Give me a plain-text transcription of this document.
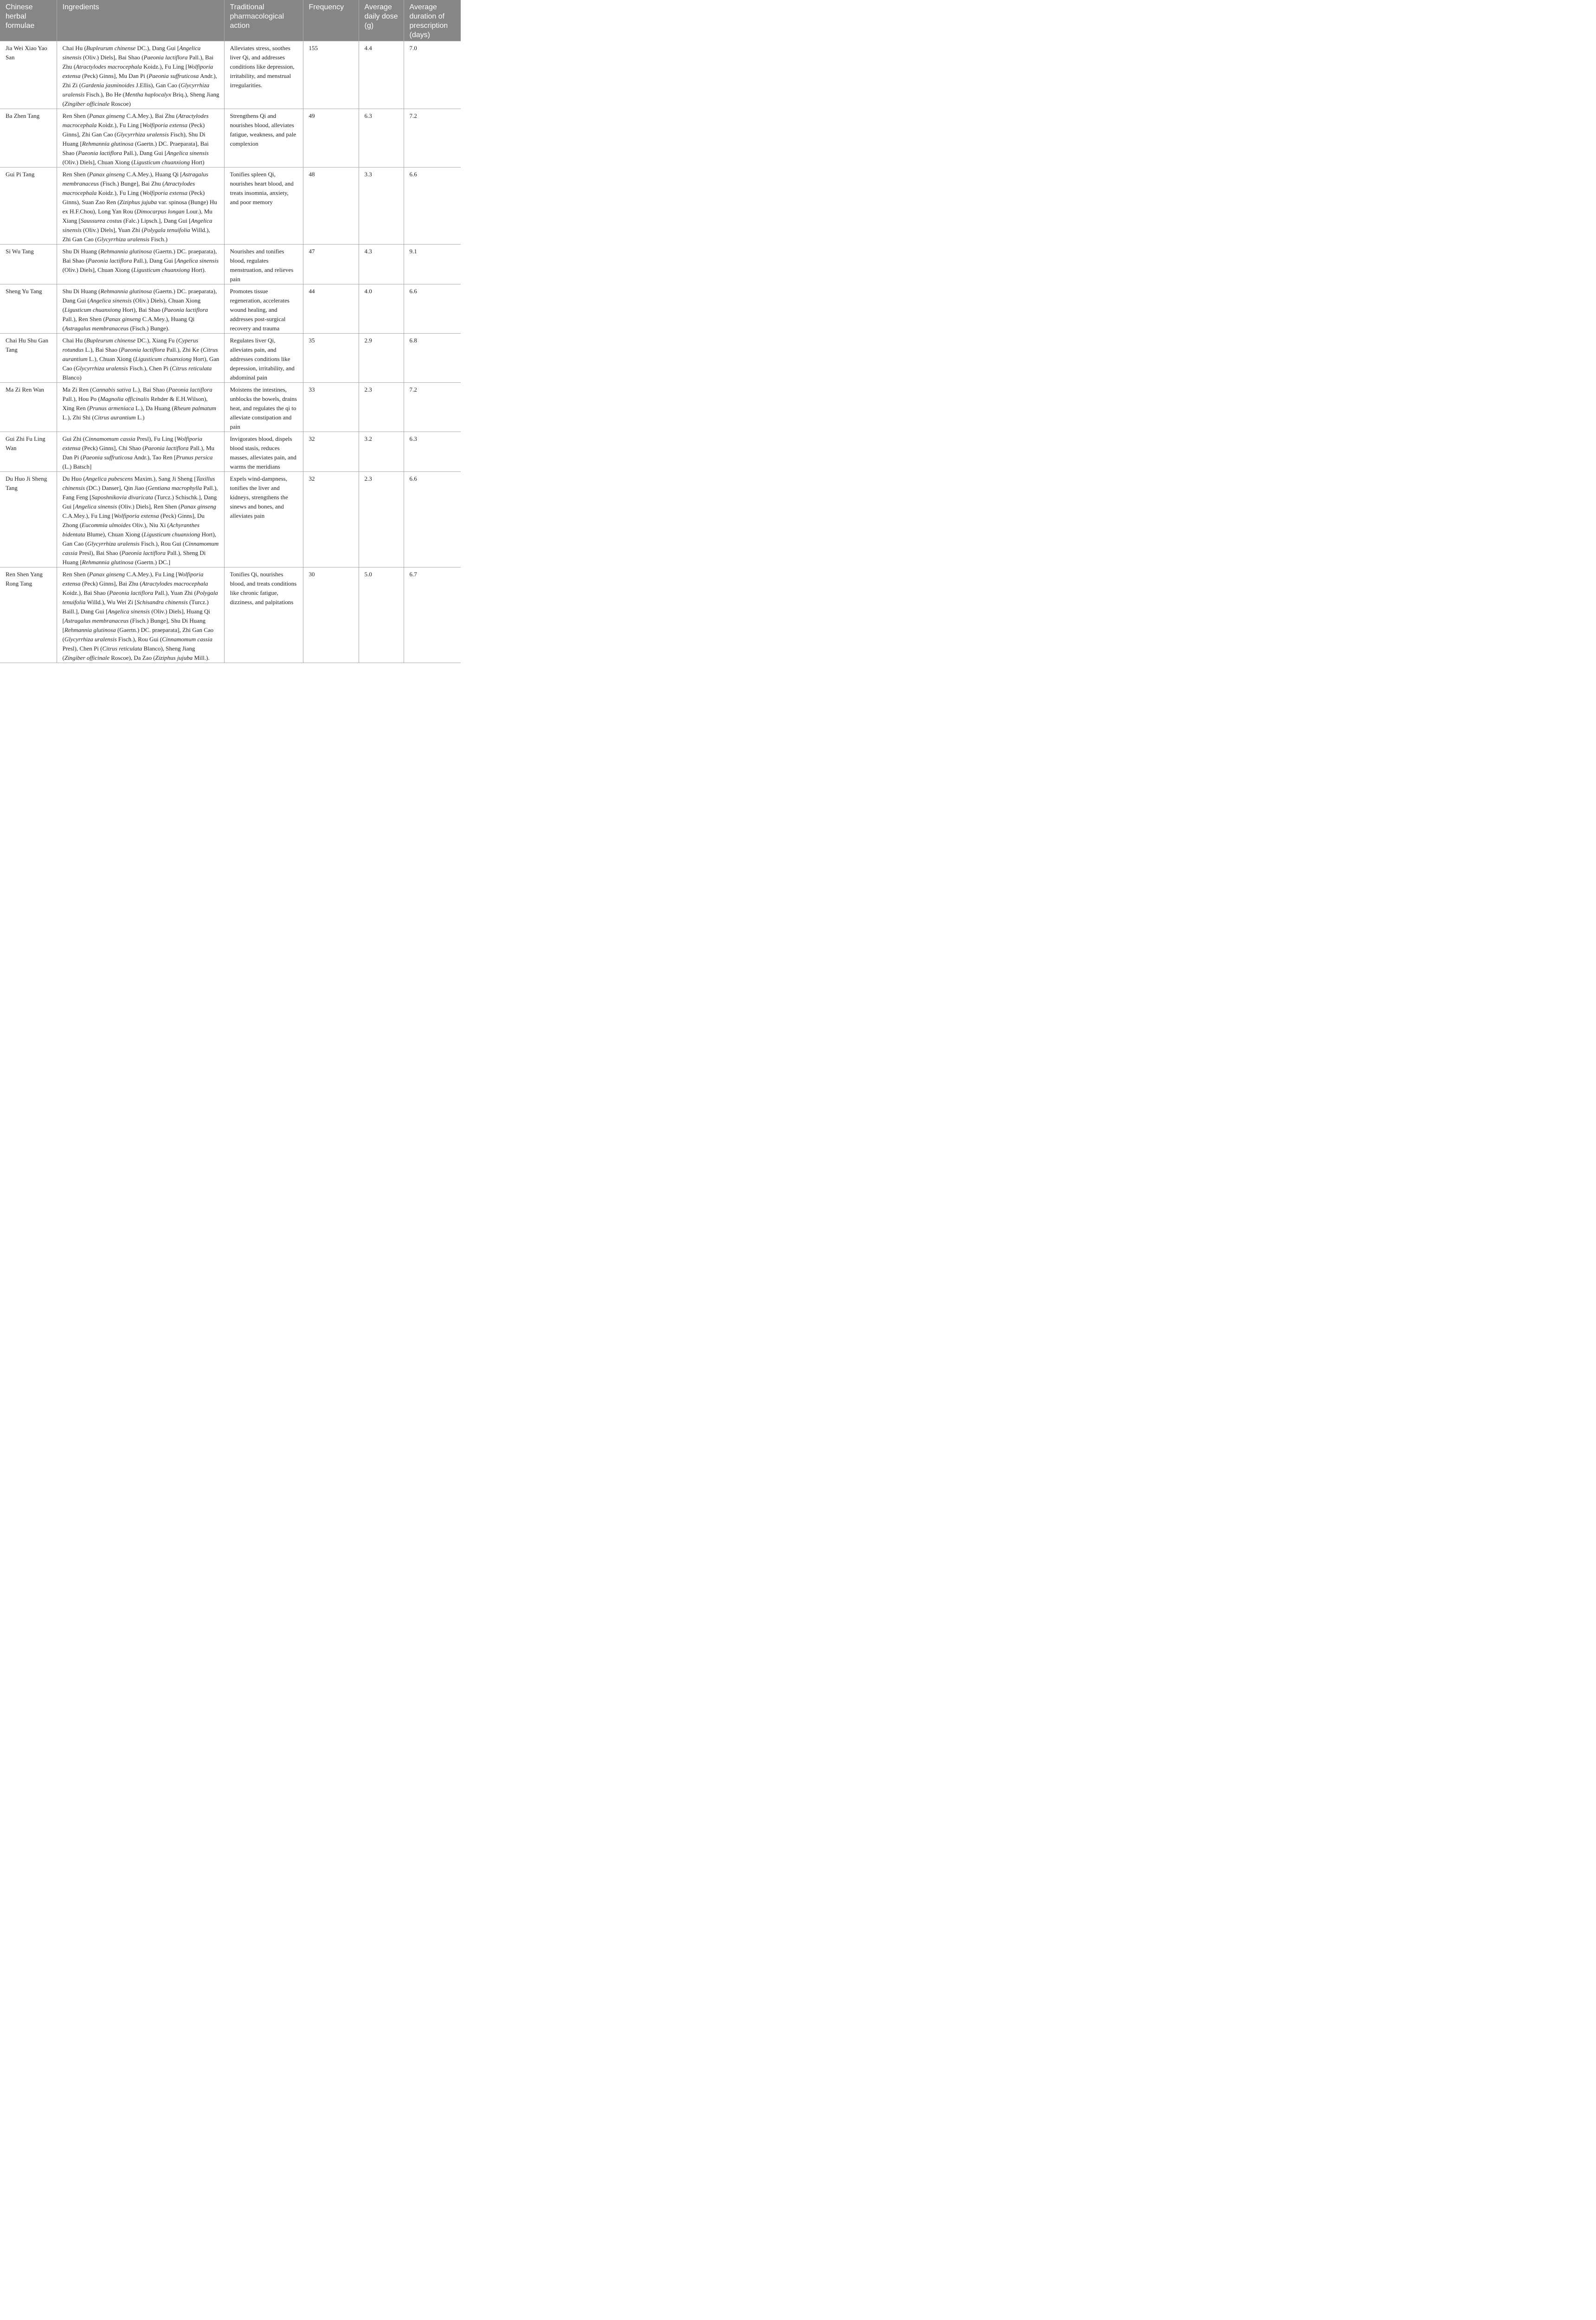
Chinese herbal formulae	Ingredients	Traditional pharmacological action	Frequency	Average daily dose (g)	Average duration of prescription (days)
Jia Wei Xiao Yao San	Chai Hu (Bupleurum chinense DC.), Dang Gui [Angelica sinensis (Oliv.) Diels], Bai Shao (Paeonia lactiflora Pall.), Bai Zhu (Atractylodes macrocephala Koidz.), Fu Ling [Wolfiporia extensa (Peck) Ginns], Mu Dan Pi (Paeonia suffruticosa Andr.), Zhi Zi (Gardenia jasminoides J.Ellis), Gan Cao (Glycyrrhiza uralensis Fisch.), Bo He (Mentha haplocalyx Briq.), Sheng Jiang (Zingiber officinale Roscoe)	Alleviates stress, soothes liver Qi, and addresses conditions like depression, irritability, and menstrual irregularities.	155	4.4	7.0
Ba Zhen Tang	Ren Shen (Panax ginseng C.A.Mey.), Bai Zhu (Atractylodes macrocephala Koidz.), Fu Ling [Wolfiporia extensa (Peck) Ginns], Zhi Gan Cao (Glycyrrhiza uralensis Fisch), Shu Di Huang [Rehmannia glutinosa (Gaertn.) DC. Praeparata], Bai Shao (Paeonia lactiflora Pall.), Dang Gui [Angelica sinensis (Oliv.) Diels], Chuan Xiong (Ligusticum chuanxiong Hort)	Strengthens Qi and nourishes blood, alleviates fatigue, weakness, and pale complexion	49	6.3	7.2
Gui Pi Tang	Ren Shen (Panax ginseng C.A.Mey.), Huang Qi [Astragalus membranaceus (Fisch.) Bunge], Bai Zhu (Atractylodes macrocephala Koidz.), Fu Ling (Wolfiporia extensa (Peck) Ginns), Suan Zao Ren (Ziziphus jujuba var. spinosa (Bunge) Hu ex H.F.Chou), Long Yan Rou (Dimocarpus longan Lour.), Mu Xiang [Saussurea costus (Falc.) Lipsch.], Dang Gui [Angelica sinensis (Oliv.) Diels], Yuan Zhi (Polygala tenuifolia Willd.), Zhi Gan Cao (Glycyrrhiza uralensis Fisch.)	Tonifies spleen Qi, nourishes heart blood, and treats insomnia, anxiety, and poor memory	48	3.3	6.6
Si Wu Tang	Shu Di Huang (Rehmannia glutinosa (Gaertn.) DC. praeparata), Bai Shao (Paeonia lactiflora Pall.), Dang Gui [Angelica sinensis (Oliv.) Diels], Chuan Xiong (Ligusticum chuanxiong Hort).	Nourishes and tonifies blood, regulates menstruation, and relieves pain	47	4.3	9.1
Sheng Yu Tang	Shu Di Huang (Rehmannia glutinosa (Gaertn.) DC. praeparata), Dang Gui (Angelica sinensis (Oliv.) Diels), Chuan Xiong (Ligusticum chuanxiong Hort), Bai Shao (Paeonia lactiflora Pall.), Ren Shen (Panax ginseng C.A.Mey.), Huang Qi (Astragalus membranaceus (Fisch.) Bunge).	Promotes tissue regeneration, accelerates wound healing, and addresses post-surgical recovery and trauma	44	4.0	6.6
Chai Hu Shu Gan Tang	Chai Hu (Bupleurum chinense DC.), Xiang Fu (Cyperus rotundus L.), Bai Shao (Paeonia lactiflora Pall.), Zhi Ke (Citrus aurantium L.), Chuan Xiong (Ligusticum chuanxiong Hort), Gan Cao (Glycyrrhiza uralensis Fisch.), Chen Pi (Citrus reticulata Blanco)	Regulates liver Qi, alleviates pain, and addresses conditions like depression, irritability, and abdominal pain	35	2.9	6.8
Ma Zi Ren Wan	Ma Zi Ren (Cannabis sativa L.), Bai Shao (Paeonia lactiflora Pall.), Hou Po (Magnolia officinalis Rehder & E.H.Wilson), Xing Ren (Prunus armeniaca L.), Da Huang (Rheum palmatum L.), Zhi Shi (Citrus aurantium L.)	Moistens the intestines, unblocks the bowels, drains heat, and regulates the qi to alleviate constipation and pain	33	2.3	7.2
Gui Zhi Fu Ling Wan	Gui Zhi (Cinnamomum cassia Presl), Fu Ling [Wolfiporia extensa (Peck) Ginns], Chi Shao (Paeonia lactiflora Pall.), Mu Dan Pi (Paeonia suffruticosa Andr.), Tao Ren [Prunus persica (L.) Batsch]	Invigorates blood, dispels blood stasis, reduces masses, alleviates pain, and warms the meridians	32	3.2	6.3
Du Huo Ji Sheng Tang	Du Huo (Angelica pubescens Maxim.), Sang Ji Sheng [Taxillus chinensis (DC.) Danser], Qin Jiao (Gentiana macrophylla Pall.), Fang Feng [Saposhnikovia divaricata (Turcz.) Schischk.], Dang Gui [Angelica sinensis (Oliv.) Diels], Ren Shen (Panax ginseng C.A.Mey.), Fu Ling [Wolfiporia extensa (Peck) Ginns], Du Zhong (Eucommia ulmoides Oliv.), Niu Xi (Achyranthes bidentata Blume), Chuan Xiong (Ligusticum chuanxiong Hort), Gan Cao (Glycyrrhiza uralensis Fisch.), Rou Gui (Cinnamomum cassia Presl), Bai Shao (Paeonia lactiflora Pall.), Sheng Di Huang [Rehmannia glutinosa (Gaertn.) DC.]	Expels wind-dampness, tonifies the liver and kidneys, strengthens the sinews and bones, and alleviates pain	32	2.3	6.6
Ren Shen Yang Rong Tang	Ren Shen (Panax ginseng C.A.Mey.), Fu Ling [Wolfiporia extensa (Peck) Ginns], Bai Zhu (Atractylodes macrocephala Koidz.), Bai Shao (Paeonia lactiflora Pall.), Yuan Zhi (Polygala tenuifolia Willd.), Wu Wei Zi [Schisandra chinensis (Turcz.) Baill.], Dang Gui [Angelica sinensis (Oliv.) Diels], Huang Qi [Astragalus membranaceus (Fisch.) Bunge], Shu Di Huang [Rehmannia glutinosa (Gaertn.) DC. praeparata], Zhi Gan Cao (Glycyrrhiza uralensis Fisch.), Rou Gui (Cinnamomum cassia Presl), Chen Pi (Citrus reticulata Blanco), Sheng Jiang (Zingiber officinale Roscoe), Da Zao (Ziziphus jujuba Mill.).	Tonifies Qi, nourishes blood, and treats conditions like chronic fatigue, dizziness, and palpitations	30	5.0	6.7
